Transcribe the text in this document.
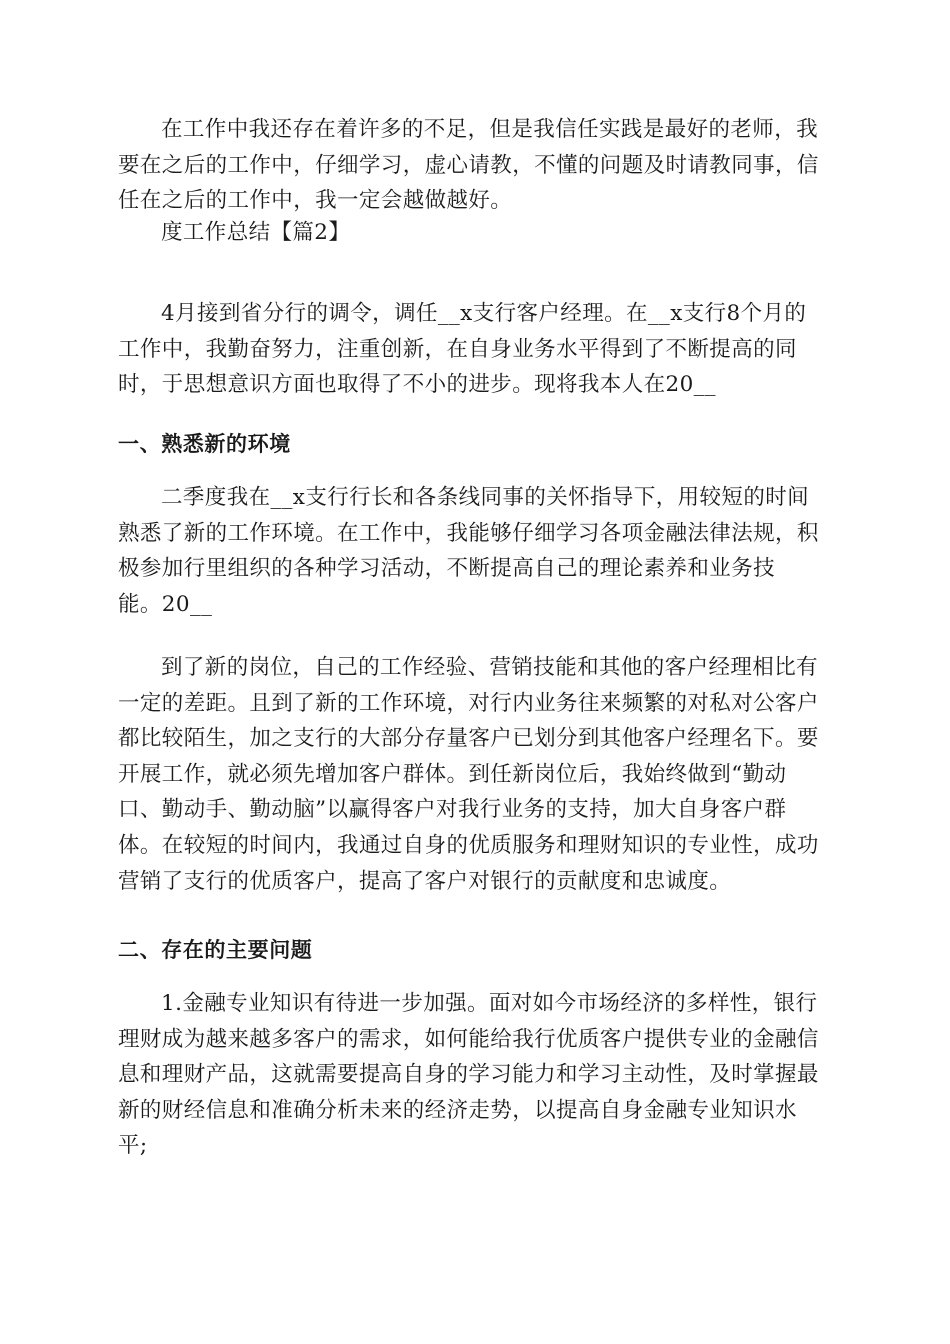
在工作中我还存在着许多的不足，但是我信任实践是最好的老师，我
要在之后的工作中，仔细学习，虚心请教，不懂的问题及时请教同事，信
任在之后的工作中，我一定会越做越好。

度工作总结【篇2】

4月接到省分行的调令，调任__x支行客户经理。在__x支行8个月的
工作中，我勤奋努力，注重创新，在自身业务水平得到了不断提高的同
时，于思想意识方面也取得了不小的进步。现将我本人在20__

一、熟悉新的环境

二季度我在__x支行行长和各条线同事的关怀指导下，用较短的时间
熟悉了新的工作环境。在工作中，我能够仔细学习各项金融法律法规，积
极参加行里组织的各种学习活动，不断提高自己的理论素养和业务技
能。20__

到了新的岗位，自己的工作经验、营销技能和其他的客户经理相比有
一定的差距。且到了新的工作环境，对行内业务往来频繁的对私对公客户
都比较陌生，加之支行的大部分存量客户已划分到其他客户经理名下。要
开展工作，就必须先增加客户群体。到任新岗位后，我始终做到“勤动
口、勤动手、勤动脑”以赢得客户对我行业务的支持，加大自身客户群
体。在较短的时间内，我通过自身的优质服务和理财知识的专业性，成功
营销了支行的优质客户，提高了客户对银行的贡献度和忠诚度。

二、存在的主要问题

1.金融专业知识有待进一步加强。面对如今市场经济的多样性，银行
理财成为越来越多客户的需求，如何能给我行优质客户提供专业的金融信
息和理财产品，这就需要提高自身的学习能力和学习主动性，及时掌握最
新的财经信息和准确分析未来的经济走势，以提高自身金融专业知识水
平;
